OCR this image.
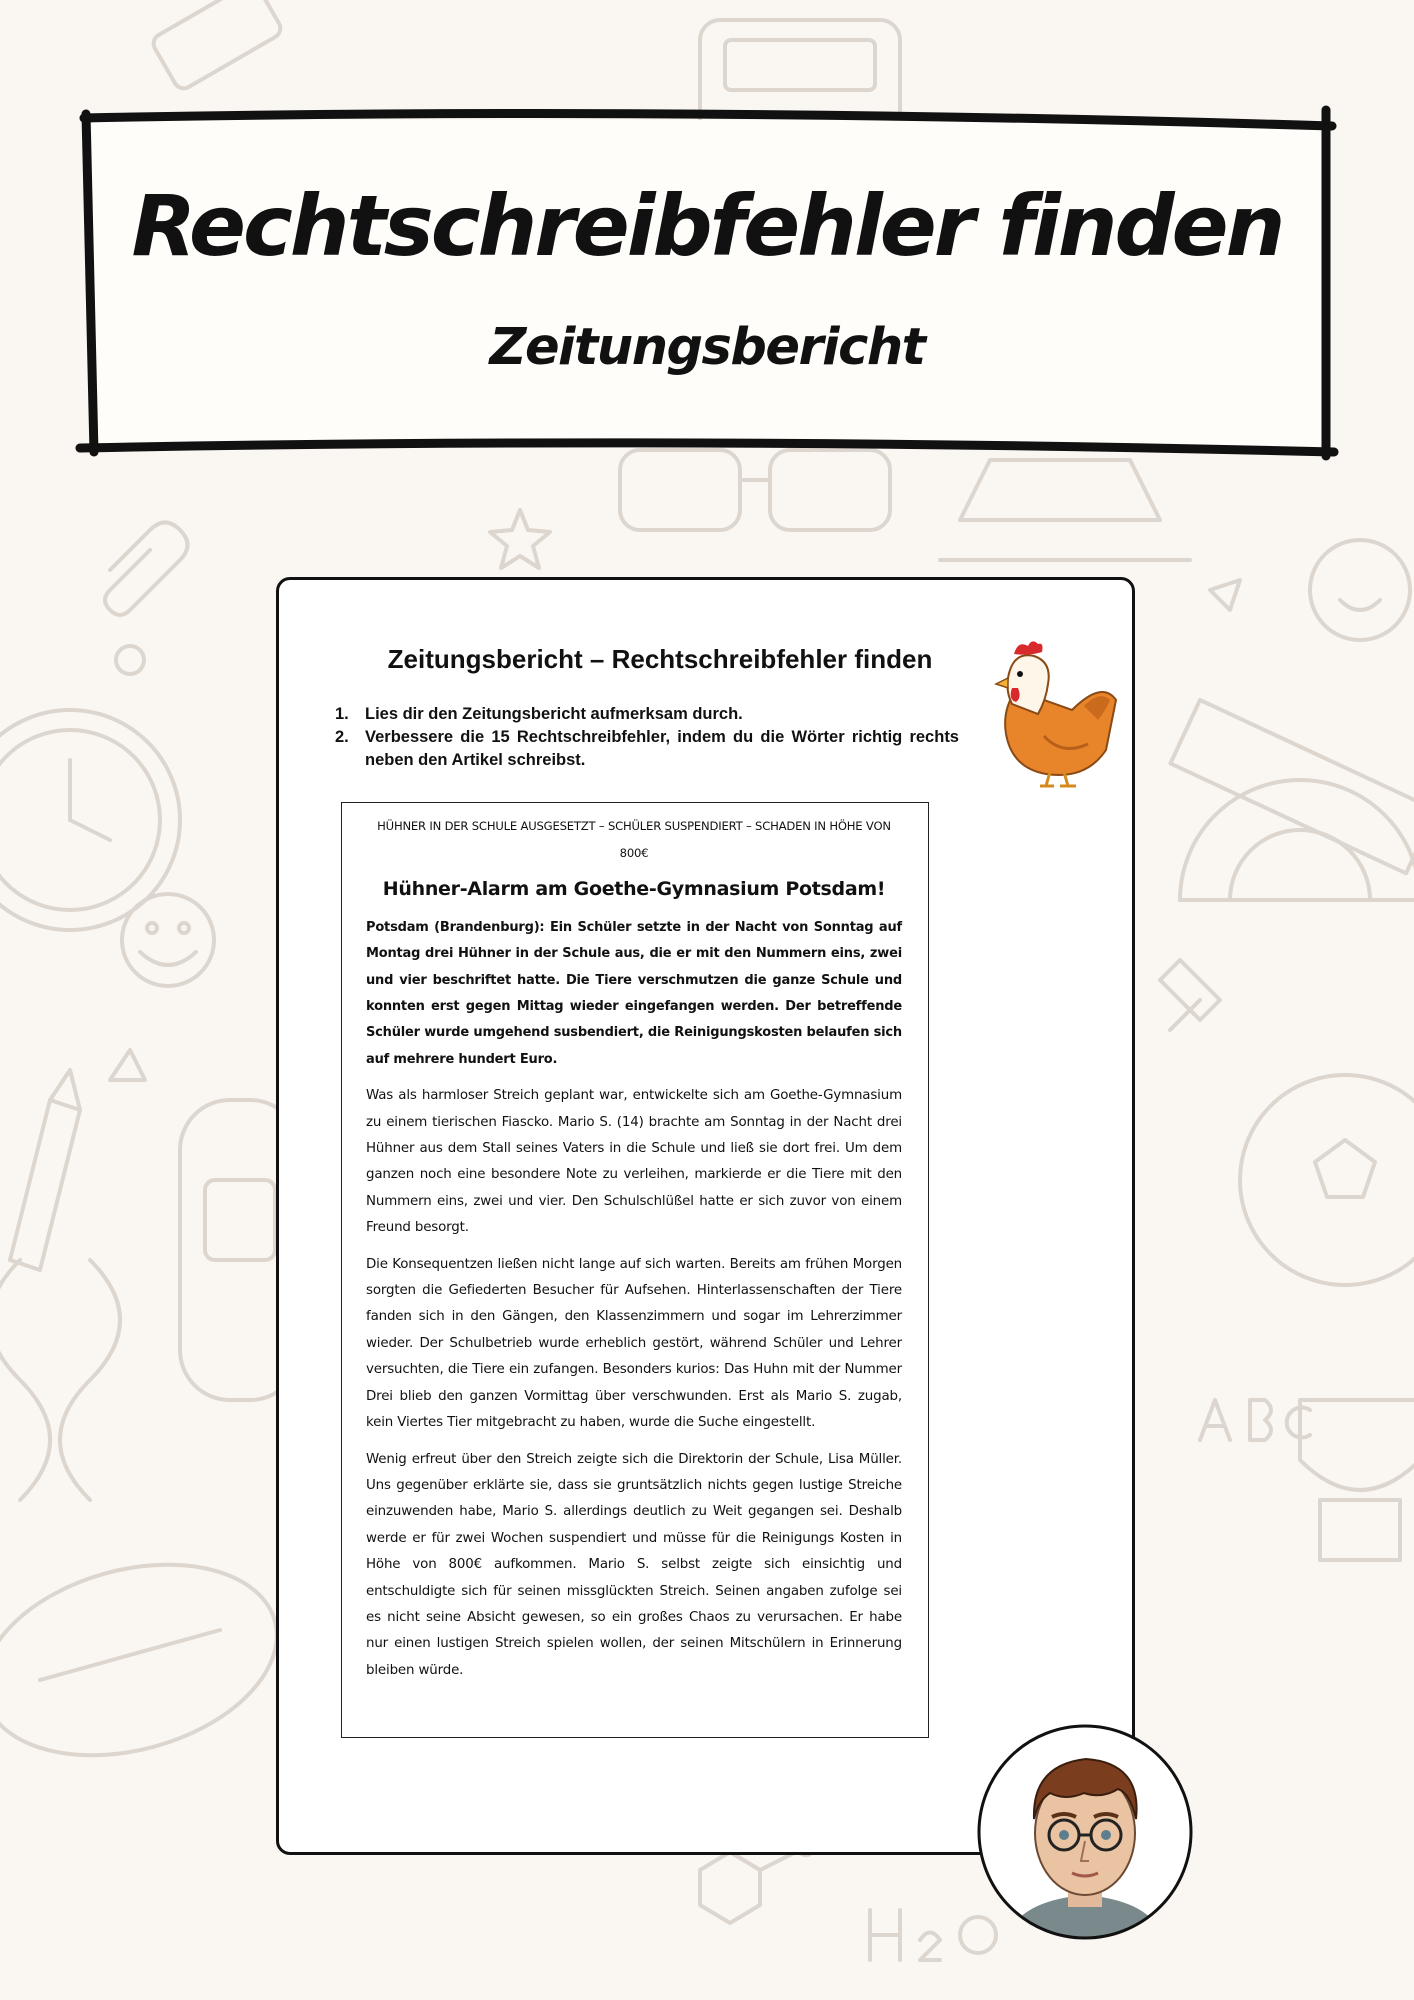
Rechtschreibfehler finden
Zeitungsbericht
Zeitungsbericht – Rechtschreibfehler finden
1. Lies dir den Zeitungsbericht aufmerksam durch.
2. Verbessere die 15 Rechtschreibfehler, indem du die Wörter richtig rechts neben den Artikel schreibst.

HÜHNER IN DER SCHULE AUSGESETZT – SCHÜLER SUSPENDIERT – SCHADEN IN HÖHE VON 800€

Hühner-Alarm am Goethe-Gymnasium Potsdam!

Potsdam (Brandenburg): Ein Schüler setzte in der Nacht von Sonntag auf Montag drei Hühner in der Schule aus, die er mit den Nummern eins, zwei und vier beschriftet hatte. Die Tiere verschmutzen die ganze Schule und konnten erst gegen Mittag wieder eingefangen werden. Der betreffende Schüler wurde umgehend susbendiert, die Reinigungskosten belaufen sich auf mehrere hundert Euro.

Was als harmloser Streich geplant war, entwickelte sich am Goethe-Gymnasium zu einem tierischen Fiascko. Mario S. (14) brachte am Sonntag in der Nacht drei Hühner aus dem Stall seines Vaters in die Schule und ließ sie dort frei. Um dem ganzen noch eine besondere Note zu verleihen, markierde er die Tiere mit den Nummern eins, zwei und vier. Den Schulschlüßel hatte er sich zuvor von einem Freund besorgt.

Die Konsequentzen ließen nicht lange auf sich warten. Bereits am frühen Morgen sorgten die Gefiederten Besucher für Aufsehen. Hinterlassenschaften der Tiere fanden sich in den Gängen, den Klassenzimmern und sogar im Lehrerzimmer wieder. Der Schulbetrieb wurde erheblich gestört, während Schüler und Lehrer versuchten, die Tiere ein zufangen. Besonders kurios: Das Huhn mit der Nummer Drei blieb den ganzen Vormittag über verschwunden. Erst als Mario S. zugab, kein Viertes Tier mitgebracht zu haben, wurde die Suche eingestellt.

Wenig erfreut über den Streich zeigte sich die Direktorin der Schule, Lisa Müller. Uns gegenüber erklärte sie, dass sie gruntsätzlich nichts gegen lustige Streiche einzuwenden habe, Mario S. allerdings deutlich zu Weit gegangen sei. Deshalb werde er für zwei Wochen suspendiert und müsse für die Reinigungs Kosten in Höhe von 800€ aufkommen. Mario S. selbst zeigte sich einsichtig und entschuldigte sich für seinen missglückten Streich. Seinen angaben zufolge sei es nicht seine Absicht gewesen, so ein großes Chaos zu verursachen. Er habe nur einen lustigen Streich spielen wollen, der seinen Mitschülern in Erinnerung bleiben würde.
